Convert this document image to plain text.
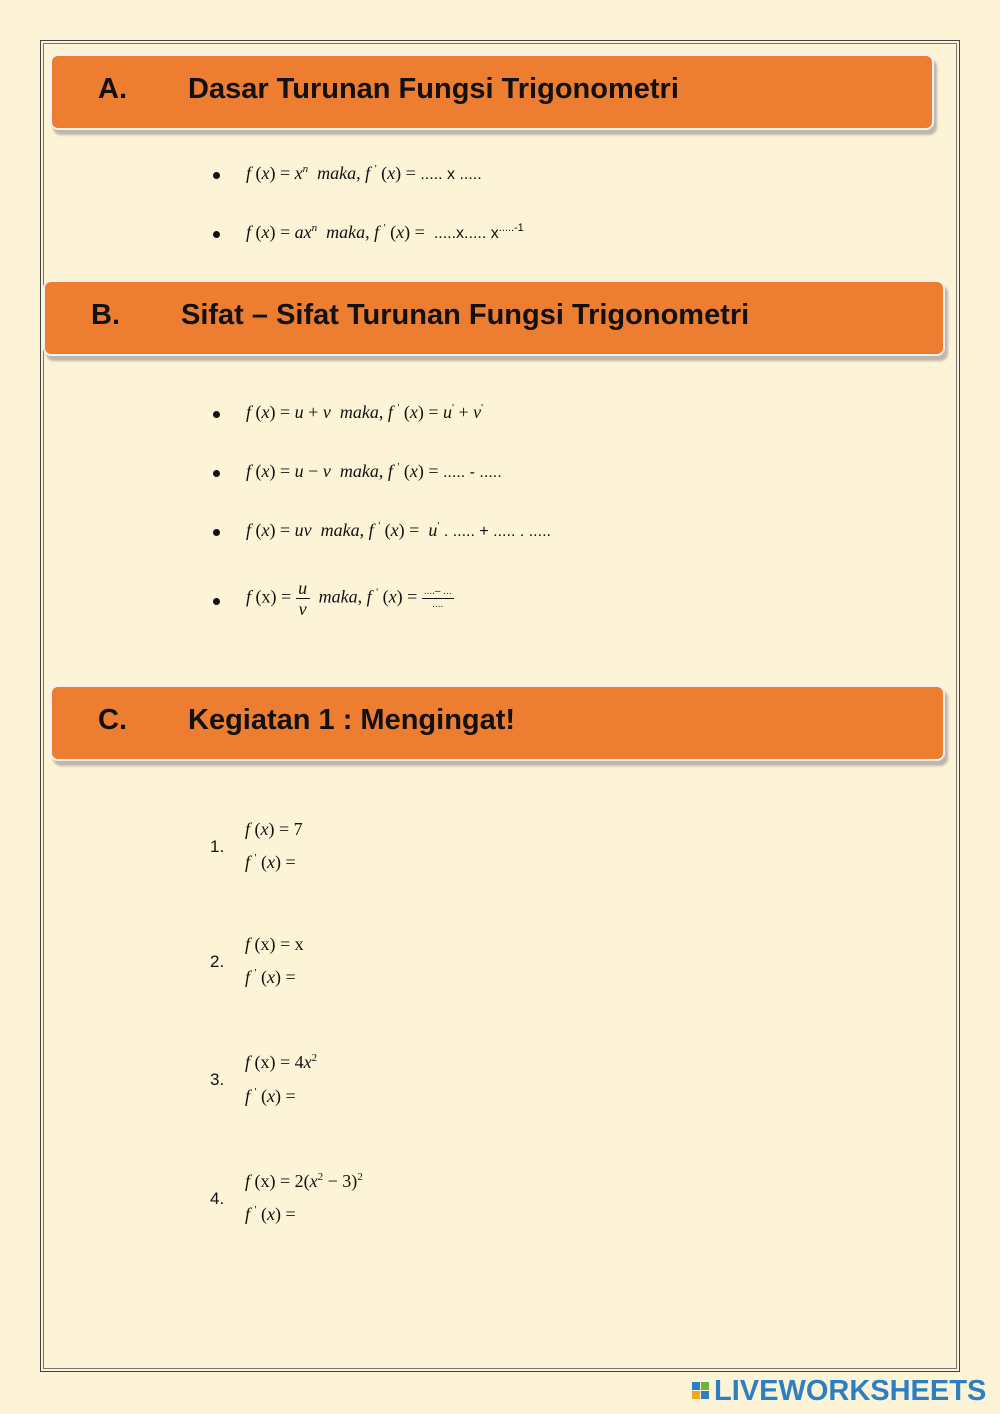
A. Dasar Turunan Fungsi Trigonometri
f $(x) = x^n$ maka, f ' (x) = ..... x .....
f $(x) = ax^n$ maka, f ' (x) =  .....x..... $x^{.....-1}$
B. Sifat – Sifat Turunan Fungsi Trigonometri
f (x) = u + v maka, f ' (x) = u' + v'
f (x) = u − v maka, f ' (x) = ..... - .....
f (x) = uv maka, f ' (x) =  u' . ..... + ..... . .....
f $(x) = \frac{u}{v}$ maka, f ' (x) = ....– ...
....
C. Kegiatan 1 : Mengingat!
1.
f (x) = 7
f ' (x) =
2.
f (x) = x
f ' (x) =
3.
f $(x) = 4x^2$
f ' (x) =
4.
f $(x) = 2(x^2 - 3)^2$
f ' (x) =
LIVEWORKSHEETS
